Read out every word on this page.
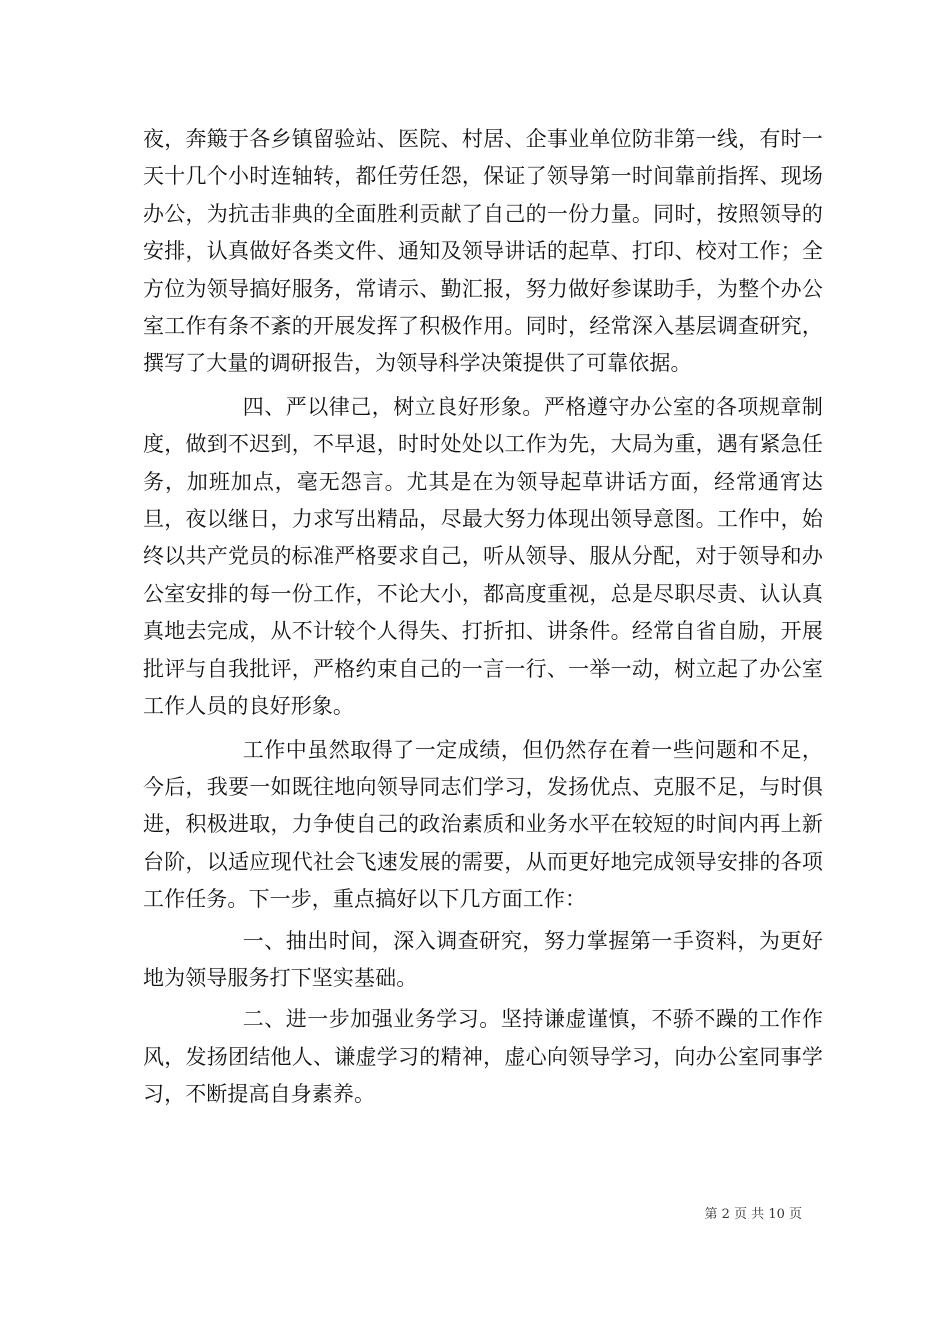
夜，奔簸于各乡镇留验站、医院、村居、企事业单位防非第一线，有时一天十几个小时连轴转，都任劳任怨，保证了领导第一时间靠前指挥、现场办公，为抗击非典的全面胜利贡献了自己的一份力量。同时，按照领导的安排，认真做好各类文件、通知及领导讲话的起草、打印、校对工作；全方位为领导搞好服务，常请示、勤汇报，努力做好参谋助手，为整个办公室工作有条不紊的开展发挥了积极作用。同时，经常深入基层调查研究，撰写了大量的调研报告，为领导科学决策提供了可靠依据。

四、严以律己，树立良好形象。严格遵守办公室的各项规章制度，做到不迟到，不早退，时时处处以工作为先，大局为重，遇有紧急任务，加班加点，毫无怨言。尤其是在为领导起草讲话方面，经常通宵达旦，夜以继日，力求写出精品，尽最大努力体现出领导意图。工作中，始终以共产党员的标准严格要求自己，听从领导、服从分配，对于领导和办公室安排的每一份工作，不论大小，都高度重视，总是尽职尽责、认认真真地去完成，从不计较个人得失、打折扣、讲条件。经常自省自励，开展批评与自我批评，严格约束自己的一言一行、一举一动，树立起了办公室工作人员的良好形象。

工作中虽然取得了一定成绩，但仍然存在着一些问题和不足，今后，我要一如既往地向领导同志们学习，发扬优点、克服不足，与时俱进，积极进取，力争使自己的政治素质和业务水平在较短的时间内再上新台阶，以适应现代社会飞速发展的需要，从而更好地完成领导安排的各项工作任务。下一步，重点搞好以下几方面工作：

一、抽出时间，深入调查研究，努力掌握第一手资料，为更好地为领导服务打下坚实基础。

二、进一步加强业务学习。坚持谦虚谨慎，不骄不躁的工作作风，发扬团结他人、谦虚学习的精神，虚心向领导学习，向办公室同事学习，不断提高自身素养。

第 2 页 共 10 页
